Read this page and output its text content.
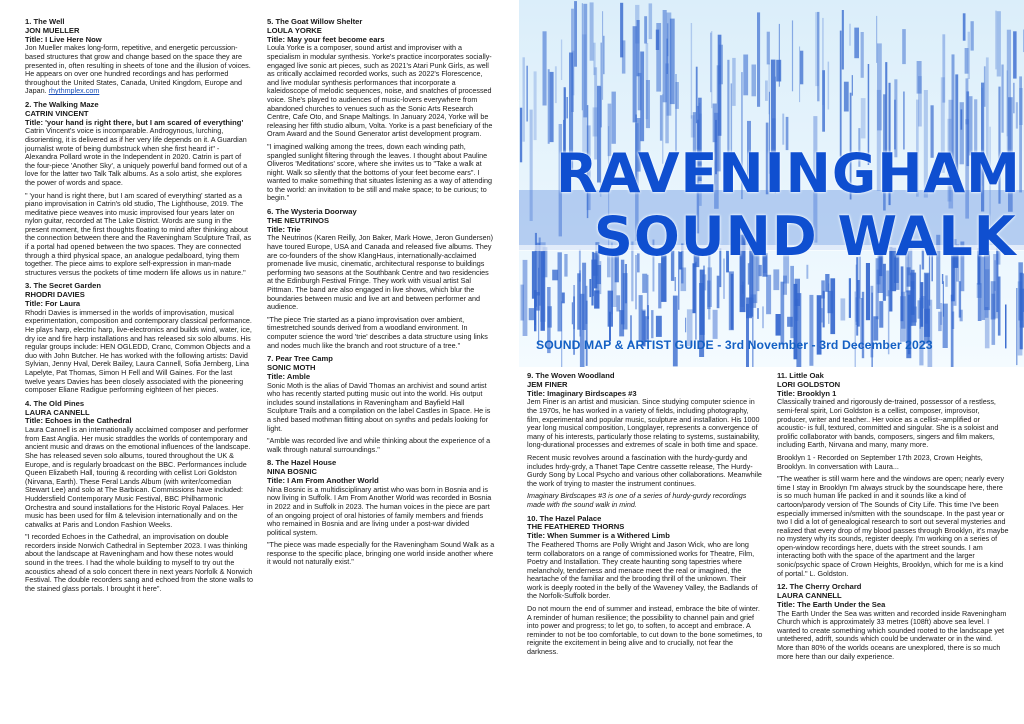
1. The Well
JON MUELLER
Title: I Live Here Now

Jon Mueller makes long-form, repetitive, and energetic percussion-based structures that grow and change based on the space they are presented in, often resulting in sheets of tone and the illusion of voices. He appears on over one hundred recordings and has performed throughout the United States, Canada, United Kingdom, Europe and Japan. rhythmplex.com

2. The Walking Maze
CATRIN VINCENT
Title: 'your hand is right there, but I am scared of everything'

Catrin Vincent's voice is incomparable. Androgynous, lurching, disorienting, it is delivered as if her very life depends on it. A Guardian journalist wrote of being dumbstruck when she first heard it" - Alexandra Pollard wrote in the Independent in 2020. Catrin is part of the four-piece 'Another Sky', a uniquely powerful band formed out of a love for the latter two Talk Talk albums. As a solo artist, she explores the power of words and space.

" 'your hand is right there, but I am scared of everything' started as a piano improvisation in Catrin's old studio, The Lighthouse, 2019. The meditative piece weaves into music improvised four years later on nylon guitar, recorded at The Lake District. Words are sung in the present moment, the first thoughts floating to mind after thinking about the connection between there and the Raveningham Sculpture Trail, as if a portal had opened between the two spaces. They are connected through a third physical space, an analogue pedalboard, tying them together. The piece aims to explore self-expression in man-made structures versus the pockets of time modern life allows us in nature."

3. The Secret Garden
RHODRI DAVIES
Title: For Laura

Rhodri Davies is immersed in the worlds of improvisation, musical experimentation, composition and contemporary classical performance. He plays harp, electric harp, live-electronics and builds wind, water, ice, dry ice and fire harp installations and has released six solo albums. His regular groups include: HEN OGLEDD, Cranc, Common Objects and a duo with John Butcher. He has worked with the following artists: David Sylvian, Jenny Hval, Derek Bailey, Laura Cannell, Sofia Jernberg, Lina Lapelyte, Pat Thomas, Simon H Fell and Will Gaines. For the last twelve years Davies has been closely associated with the pioneering composer Eliane Radigue performing eighteen of her pieces.

4. The Old Pines
LAURA CANNELL
Title: Echoes in the Cathedral

Laura Cannell is an internationally acclaimed composer and performer from East Anglia. Her music straddles the worlds of contemporary and ancient music and draws on the emotional influences of the landscape. She has released seven solo albums, toured throughout the UK & Europe, and is regularly broadcast on the BBC. Performances include Queen Elizabeth Hall, touring & recording with cellist Lori Goldston (Nirvana, Earth). These Feral Lands Album (with writer/comedian Stewart Lee) and solo at The Barbican. Commissions have included: Huddersfield Contemporary Music Festival, BBC Philharmonic Orchestra and sound installations for the Historic Royal Palaces. Her music has been used for film & television internationally and on the catwalks at Paris and London Fashion Weeks.

"I recorded Echoes in the Cathedral, an improvisation on double recorders inside Norwich Cathedral in September 2023. I was thinking about the landscape at Raveningham and how these notes would sound in the trees. I had the whole building to myself to try out the acoustics ahead of a solo concert there in next years Norfolk & Norwich Festival. The double recorders sang and echoed from the stone walls to the stained glass portals. I brought it here".

5. The Goat Willow Shelter
LOULA YORKE
Title: May your feet become ears

Loula Yorke is a composer, sound artist and improviser with a specialism in modular synthesis. Yorke's practice incorporates socially-engaged live sonic art pieces, such as 2021's Atari Punk Girls, as well as critically acclaimed recorded works, such as 2022's Florescence, and live modular synthesis performances that incorporate a kaleidoscope of melodic sequences, noise, and snatches of processed voice. She's played to audiences of music-lovers everywhere from abandoned churches to venues such as the Sonic Arts Research Centre, Cafe Oto, and Snape Maltings. In January 2024, Yorke will be releasing her fifth studio album, Volta. Yorke is a past beneficiary of the Oram Award and the Sound Generator artist development program.

"I imagined walking among the trees, down each winding path, spangled sunlight filtering through the leaves. I thought about Pauline Oliveros 'Meditations' score, where she invites us to "Take a walk at night. Walk so silently that the bottoms of your feet become ears". I wanted to make something that situates listening as a way of attending to the world: an invitation to be still and make space; to be curious; to begin."

6. The Wysteria Doorway
THE NEUTRINOS
Title: Trie

The Neutrinos (Karen Reilly, Jon Baker, Mark Howe, Jeron Gundersen) have toured Europe, USA and Canada and released five albums. They are co-founders of the show KlangHaus, internationally-acclaimed promenade live music, cinematic, architectural response to buildings performing two seasons at the Southbank Centre and two residencies at the Edinburgh Festival Fringe. They work with visual artist Sal Pittman. The band are also engaged in live shows, which blur the boundaries between music and live art and between performer and audience.

"The piece Trie started as a piano improvisation over ambient, timestretched sounds derived from a woodland environment. In computer science the word 'trie' describes a data structure using links and nodes much like the branch and root structure of a tree."

7. Pear Tree Camp
SONIC MOTH
Title: Amble

Sonic Moth is the alias of David Thomas an archivist and sound artist who has recently started putting music out into the world. His output includes sound installations in Raveningham and Bayfield Hall Sculpture Trails and a compilation on the label Castles in Space. He is a shed based mothman flitting about on synths and pedals looking for light.

"Amble was recorded live and while thinking about the experience of a walk through natural surroundings."

8. The Hazel House
NINA BOSNIC
Title: I Am From Another World

Nina Bosnic is a multidisciplinary artist who was born in Bosnia and is now living in Suffolk. I Am From Another World was recorded in Bosnia in 2022 and in Suffolk in 2023. The human voices in the piece are part of an ongoing project of oral histories of family members and friends who remained in Bosnia and are living under a post-war divided political system.

"The piece was made especially for the Raveningham Sound Walk as a response to the specific place, bringing one world inside another where it would not naturally exist."

RAVENINGHAM
SOUND WALK
SOUND MAP & ARTIST GUIDE - 3rd November - 3rd December 2023
9. The Woven Woodland
JEM FINER
Title: Imaginary Birdscapes #3

Jem Finer is an artist and musician. Since studying computer science in the 1970s, he has worked in a variety of fields, including photography, film, experimental and popular music, sculpture and installation. His 1000 year long musical composition, Longplayer, represents a convergence of many of his interests, particularly those relating to systems, sustainability, long-durational processes and extremes of scale in both time and space.

Recent music revolves around a fascination with the hurdy-gurdy and includes hrdy-grdy, a Thanet Tape Centre cassette release, The Hurdy-Gurdy Song by Local Psycho and various other collaborations. Meanwhile the work of trying to master the instrument continues.

Imaginary Birdscapes #3 is one of a series of hurdy-gurdy recordings made with the sound walk in mind.

10. The Hazel Palace
THE FEATHERED THORNS
Title: When Summer is a Withered Limb

The Feathered Thorns are Polly Wright and Jason Wick, who are long term collaborators on a range of commissioned works for Theatre, Film, Poetry and Installation. They create haunting song tapestries where melancholy, tenderness and menace meet the real or imagined, the heartache of the familiar and the brooding thrill of the unknown. Their work is deeply rooted in the belly of the Waveney Valley, the Badlands of the Norfolk-Suffolk border.

Do not mourn the end of summer and instead, embrace the bite of winter. A reminder of human resilience; the possibility to channel pain and grief into power and progress; to let go, to soften, to accept and embrace. A reminder to not be too comfortable, to cut down to the bone sometimes, to reignite the excitement in being alive and to crucially, not fear the darkness.

11. Little Oak
LORI GOLDSTON
Title: Brooklyn 1

Classically trained and rigorously de-trained, possessor of a restless, semi-feral spirit, Lori Goldston is a cellist, composer, improvisor, producer, writer and teacher.. Her voice as a cellist--amplified or acoustic- is full, textured, committed and singular. She is a soloist and prolific collaborator with bands, composers, singers and film makers, including Earth, Nirvana and many, many more.

Brooklyn 1 - Recorded on September 17th 2023, Crown Heights, Brooklyn. In conversation with Laura...

"The weather is still warm here and the windows are open; nearly every time I stay in Brooklyn I'm always struck by the soundscape here, there is so much human life packed in and it sounds like a kind of cartoon/parody version of The Sounds of City Life. This time I've been especially immersed in/smitten with the soundscape. In the past year or two I did a lot of genealogical research to sort out several mysteries and realized that every drop of my blood passes through Brooklyn, it's maybe no mystery why its sounds, register deeply. I'm working on a series of open-window recordings here, duets with the street sounds. I am interacting both with the space of the apartment and the larger sonic/psychic space of Crown Heights, Brooklyn, which for me is a kind of portal." L. Goldston.

12. The Cherry Orchard
LAURA CANNELL
Title: The Earth Under the Sea

The Earth Under the Sea was written and recorded inside Raveningham Church which is approximately 33 metres (108ft) above sea level. I wanted to create something which sounded rooted to the landscape yet untethered, adrift, sounds which could be underwater or in the wind. More than 80% of the worlds oceans are unexplored, there is so much more here than our daily experience.
